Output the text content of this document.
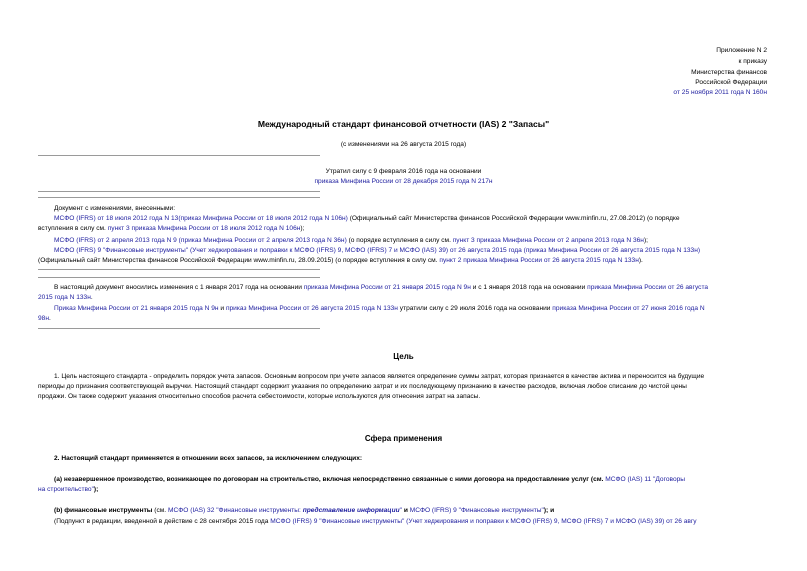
Приложение N 2
к приказу
Министерства финансов
Российской Федерации
от 25 ноября 2011 года N 160н
Международный стандарт финансовой отчетности (IAS) 2 "Запасы"
(с изменениями на 26 августа 2015 года)
Утратил силу с 9 февраля 2016 года на основании
приказа Минфина России от 28 декабря 2015 года N 217н
Документ с изменениями, внесенными:
МСФО (IFRS) от 18 июля 2012 года N 13(приказ Минфина России от 18 июля 2012 года N 106н) (Официальный сайт Министерства финансов Российской Федерации www.minfin.ru, 27.08.2012) (о порядке
вступления в силу см. пункт 3 приказа Минфина России от 18 июля 2012 года N 106н);
МСФО (IFRS) от 2 апреля 2013 года N 9 (приказ Минфина России от 2 апреля 2013 года N 36н) (о порядке вступления в силу см. пункт 3 приказа Минфина России от 2 апреля 2013 года N 36н);
МСФО (IFRS) 9 "Финансовые инструменты" (Учет хеджирования и поправки к МСФО (IFRS) 9, МСФО (IFRS) 7 и МСФО (IAS) 39) от 26 августа 2015 года (приказ Минфина России от 26 августа 2015 года N 133н)
(Официальный сайт Министерства финансов Российской Федерации www.minfin.ru, 28.09.2015) (о порядке вступления в силу см. пункт 2 приказа Минфина России от 26 августа 2015 года N 133н).
В настоящий документ вносились изменения с 1 января 2017 года на основании приказа Минфина России от 21 января 2015 года N 9н и с 1 января 2018 года на основании приказа Минфина России от 26 августа
2015 года N 133н.
Приказ Минфина России от 21 января 2015 года N 9н и приказ Минфина России от 26 августа 2015 года N 133н утратили силу с 29 июля 2016 года на основании приказа Минфина России от 27 июня 2016 года N
98н.
Цель
1. Цель настоящего стандарта - определить порядок учета запасов. Основным вопросом при учете запасов является определение суммы затрат, которая признается в качестве актива и переносится на будущие
периоды до признания соответствующей выручки. Настоящий стандарт содержит указания по определению затрат и их последующему признанию в качестве расходов, включая любое списание до чистой цены
продажи. Он также содержит указания относительно способов расчета себестоимости, которые используются для отнесения затрат на запасы.
Сфера применения
2. Настоящий стандарт применяется в отношении всех запасов, за исключением следующих:
(a) незавершенное производство, возникающее по договорам на строительство, включая непосредственно связанные с ними договора на предоставление услуг (см. МСФО (IAS) 11 "Договоры
на строительство");
(b) финансовые инструменты (см. МСФО (IAS) 32 "Финансовые инструменты: представление информации" и МСФО (IFRS) 9 "Финансовые инструменты"); и
(Подпункт в редакции, введенной в действие с 28 сентября 2015 года МСФО (IFRS) 9 "Финансовые инструменты" (Учет хеджирования и поправки к МСФО (IFRS) 9, МСФО (IFRS) 7 и МСФО (IAS) 39) от 26 авгу
